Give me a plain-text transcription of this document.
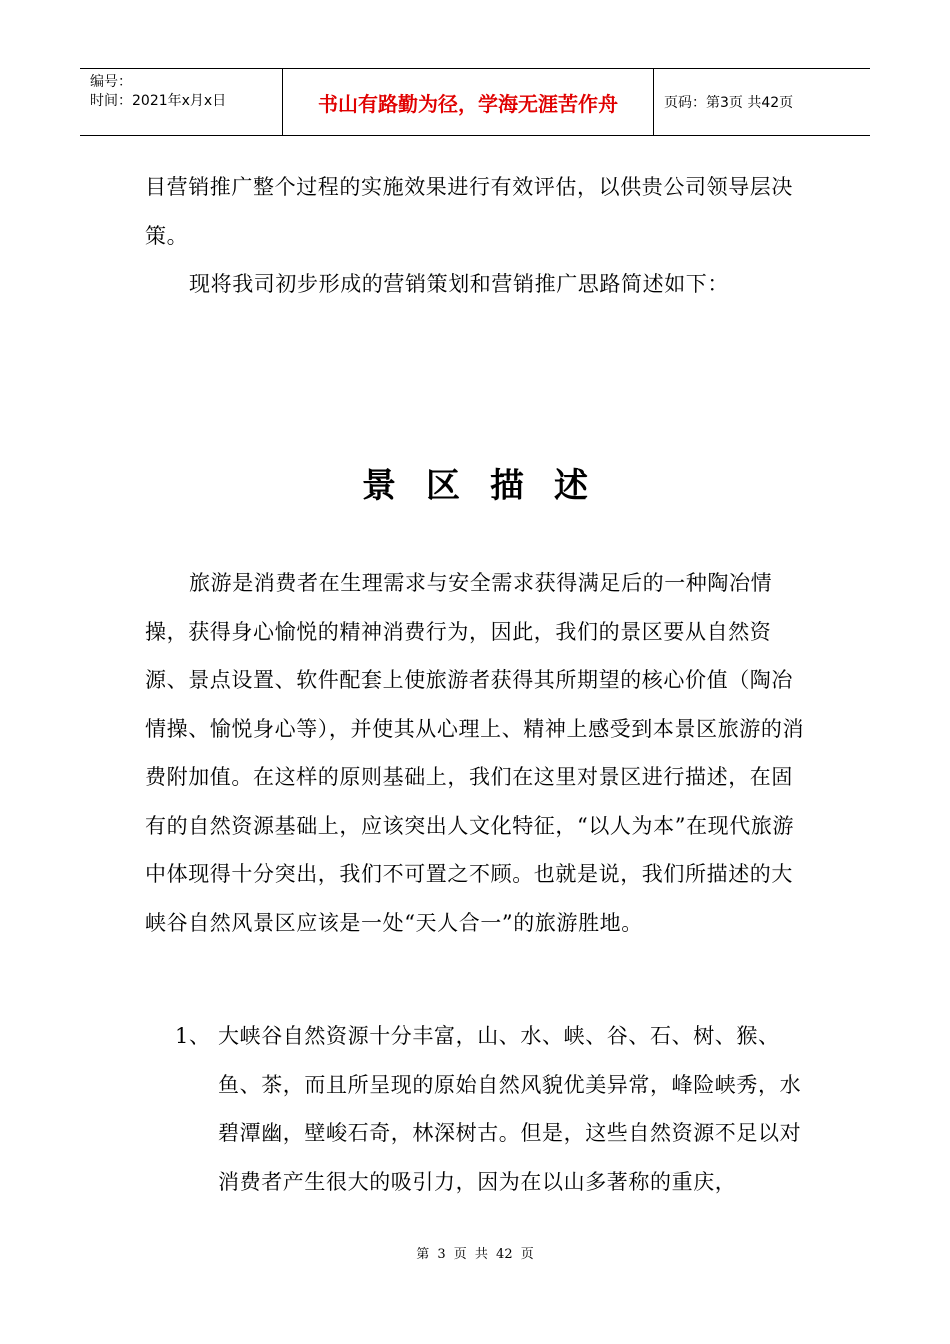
编号：
时间：2021年x月x日	书山有路勤为径，学海无涯苦作舟	页码：第3页 共42页

目营销推广整个过程的实施效果进行有效评估，以供贵公司领导层决策。

现将我司初步形成的营销策划和营销推广思路简述如下：

景区描述

旅游是消费者在生理需求与安全需求获得满足后的一种陶冶情操，获得身心愉悦的精神消费行为，因此，我们的景区要从自然资源、景点设置、软件配套上使旅游者获得其所期望的核心价值（陶冶情操、愉悦身心等），并使其从心理上、精神上感受到本景区旅游的消费附加值。在这样的原则基础上，我们在这里对景区进行描述，在固有的自然资源基础上，应该突出人文化特征，“以人为本”在现代旅游中体现得十分突出，我们不可置之不顾。也就是说，我们所描述的大峡谷自然风景区应该是一处“天人合一”的旅游胜地。

1、 大峡谷自然资源十分丰富，山、水、峡、谷、石、树、猴、鱼、茶，而且所呈现的原始自然风貌优美异常，峰险峡秀，水碧潭幽，壁峻石奇，林深树古。但是，这些自然资源不足以对消费者产生很大的吸引力，因为在以山多著称的重庆，
第 3 页 共 42 页
